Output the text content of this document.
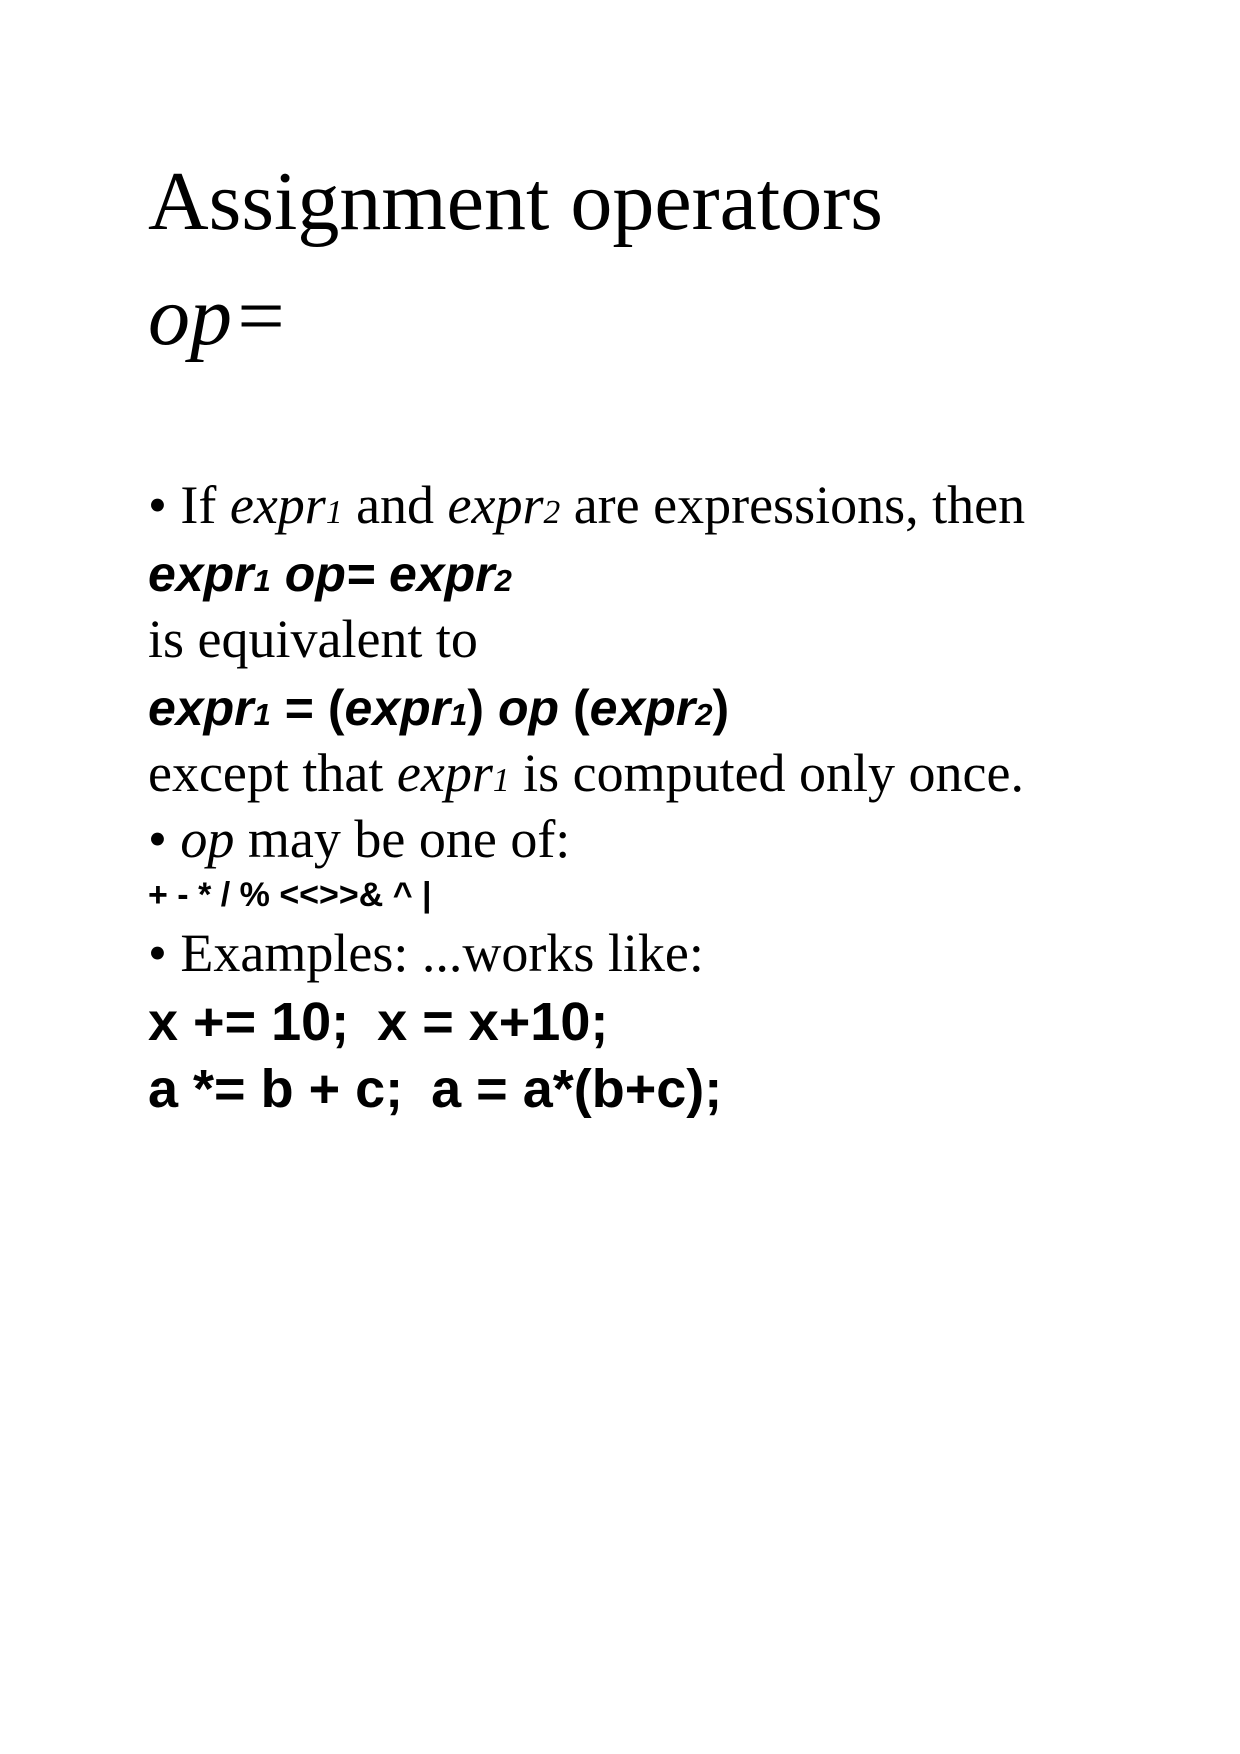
Assignment operators
op=
• If expr1 and expr2 are expressions, then
expr1 op= expr2
is equivalent to
expr1 = (expr1) op (expr2)
except that expr1 is computed only once.
• op may be one of:
+ - * / % <<>>& ^ |
• Examples: ...works like:
x += 10; x = x+10;
a *= b + c; a = a*(b+c);
